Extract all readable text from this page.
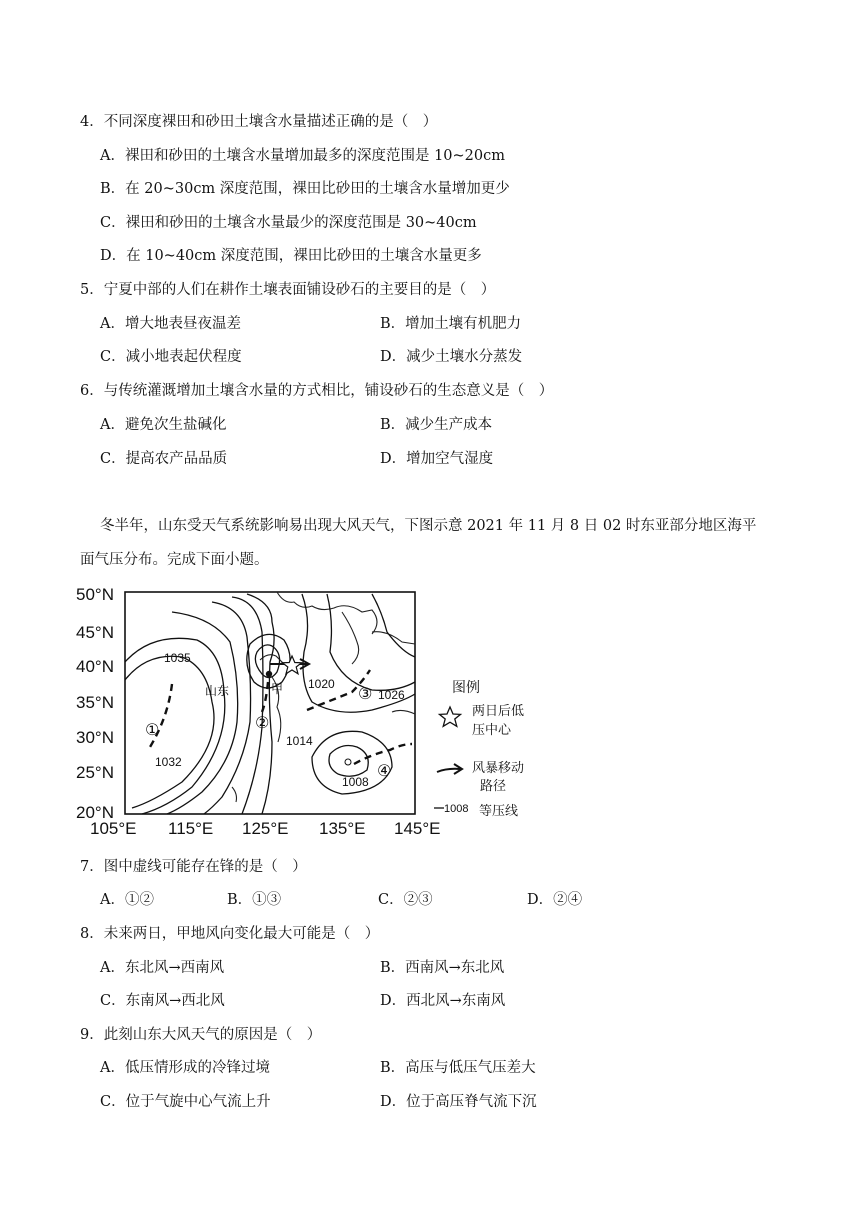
4．不同深度裸田和砂田土壤含水量描述正确的是（　）
A．裸田和砂田的土壤含水量增加最多的深度范围是 10~20cm
B．在 20~30cm 深度范围，裸田比砂田的土壤含水量增加更少
C．裸田和砂田的土壤含水量最少的深度范围是 30~40cm
D．在 10~40cm 深度范围，裸田比砂田的土壤含水量更多
5．宁夏中部的人们在耕作土壤表面铺设砂石的主要目的是（　）
A．增大地表昼夜温差	B．增加土壤有机肥力
C．减小地表起伏程度	D．减少土壤水分蒸发
6．与传统灌溉增加土壤含水量的方式相比，铺设砂石的生态意义是（　）
A．避免次生盐碱化	B．减少生产成本
C．提高农产品品质	D．增加空气湿度
冬半年，山东受天气系统影响易出现大风天气，下图示意 2021 年 11 月 8 日 02 时东亚部分地区海平
面气压分布。完成下面小题。
50°N
45°N
40°N
35°N
30°N
25°N
20°N
105°E 115°E 125°E 135°E 145°E
1035
1020
1026
1014
1032
1008
山东	甲
①	②
③
④
图例
两日后低
压中心
风暴移动
路径
1008 等压线
7．图中虚线可能存在锋的是（　）
A．①②	B．①③	C．②③	D．②④
8．未来两日，甲地风向变化最大可能是（　）
A．东北风→西南风	B．西南风→东北风
C．东南风→西北风	D．西北风→东南风
9．此刻山东大风天气的原因是（　）
A．低压情形成的冷锋过境	B．高压与低压气压差大
C．位于气旋中心气流上升	D．位于高压脊气流下沉
